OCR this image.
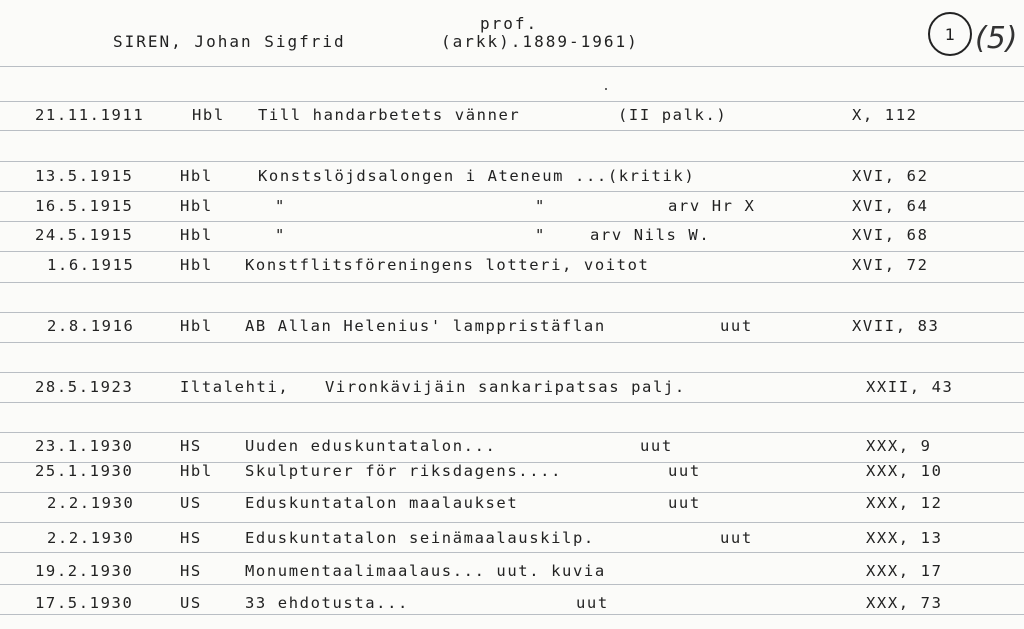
SIREN, Johan Sigfrid
prof.
(arkk).1889-1961)	1 (5)
21.11.1911	Hbl Till handarbetets vänner	(II palk.)	X, 112
13.5.1915	Hbl	Konstslöjdsalongen i Ateneum ...(kritik)	XVI, 62
16.5.1915	Hbl	"	"	arv Hr X	XVI, 64
24.5.1915	Hbl	"	"	arv Nils W.	XVI, 68
1.6.1915	Hbl Konstflitsföreningens lotteri, voitot	XVI, 72
2.8.1916	Hbl AB Allan Helenius' lamppristäflan	uut	XVII, 83
28.5.1923	Iltalehti, Vironkävijäin sankaripatsas palj.	XXII, 43
23.1.1930	HS	Uuden eduskuntatalon...	uut	XXX, 9
25.1.1930	Hbl Skulpturer för riksdagens....	uut	XXX, 10
2.2.1930	US	Eduskuntatalon maalaukset	uut	XXX, 12
2.2.1930	HS	Eduskuntatalon seinämaalauskilp.	uut	XXX, 13
19.2.1930	HS	Monumentaalimaalaus... uut. kuvia	XXX, 17
17.5.1930	US	33 ehdotusta...	uut	XXX, 73
